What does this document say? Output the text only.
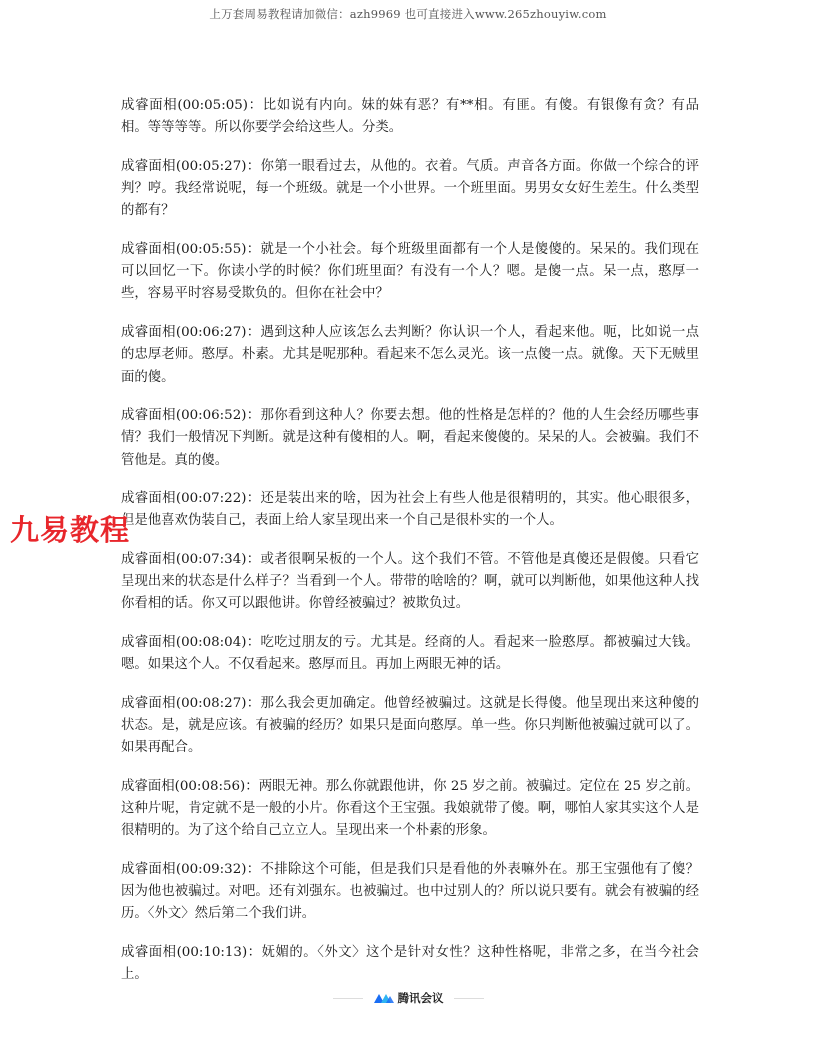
上万套周易教程请加微信：azh9969 也可直接进入www.265zhouyiw.com
九易教程

成睿面相(00:05:05)：比如说有内向。妹的妹有恶？有**相。有匪。有傻。有银像有贪？有品相。等等等等。所以你要学会给这些人。分类。

成睿面相(00:05:27)：你第一眼看过去，从他的。衣着。气质。声音各方面。你做一个综合的评判？哼。我经常说呢，每一个班级。就是一个小世界。一个班里面。男男女女好生差生。什么类型的都有？

成睿面相(00:05:55)：就是一个小社会。每个班级里面都有一个人是傻傻的。呆呆的。我们现在可以回忆一下。你读小学的时候？你们班里面？有没有一个人？嗯。是傻一点。呆一点，憨厚一些，容易平时容易受欺负的。但你在社会中？

成睿面相(00:06:27)：遇到这种人应该怎么去判断？你认识一个人，看起来他。呃，比如说一点的忠厚老师。憨厚。朴素。尤其是呢那种。看起来不怎么灵光。该一点傻一点。就像。天下无贼里面的傻。

成睿面相(00:06:52)：那你看到这种人？你要去想。他的性格是怎样的？他的人生会经历哪些事情？我们一般情况下判断。就是这种有傻相的人。啊，看起来傻傻的。呆呆的人。会被骗。我们不管他是。真的傻。

成睿面相(00:07:22)：还是装出来的啥，因为社会上有些人他是很精明的，其实。他心眼很多，但是他喜欢伪装自己，表面上给人家呈现出来一个自己是很朴实的一个人。

成睿面相(00:07:34)：或者很啊呆板的一个人。这个我们不管。不管他是真傻还是假傻。只看它呈现出来的状态是什么样子？当看到一个人。带带的啥啥的？啊，就可以判断他，如果他这种人找你看相的话。你又可以跟他讲。你曾经被骗过？被欺负过。

成睿面相(00:08:04)：吃吃过朋友的亏。尤其是。经商的人。看起来一脸憨厚。都被骗过大钱。嗯。如果这个人。不仅看起来。憨厚而且。再加上两眼无神的话。

成睿面相(00:08:27)：那么我会更加确定。他曾经被骗过。这就是长得傻。他呈现出来这种傻的状态。是，就是应该。有被骗的经历？如果只是面向憨厚。单一些。你只判断他被骗过就可以了。如果再配合。

成睿面相(00:08:56)：两眼无神。那么你就跟他讲，你 25 岁之前。被骗过。定位在 25 岁之前。这种片呢，肯定就不是一般的小片。你看这个王宝强。我娘就带了傻。啊，哪怕人家其实这个人是很精明的。为了这个给自己立立人。呈现出来一个朴素的形象。

成睿面相(00:09:32)：不排除这个可能，但是我们只是看他的外表嘛外在。那王宝强他有了傻？因为他也被骗过。对吧。还有刘强东。也被骗过。也中过别人的？所以说只要有。就会有被骗的经历。〈外文〉然后第二个我们讲。

成睿面相(00:10:13)：妩媚的。〈外文〉这个是针对女性？这种性格呢，非常之多，在当今社会上。

腾讯会议
